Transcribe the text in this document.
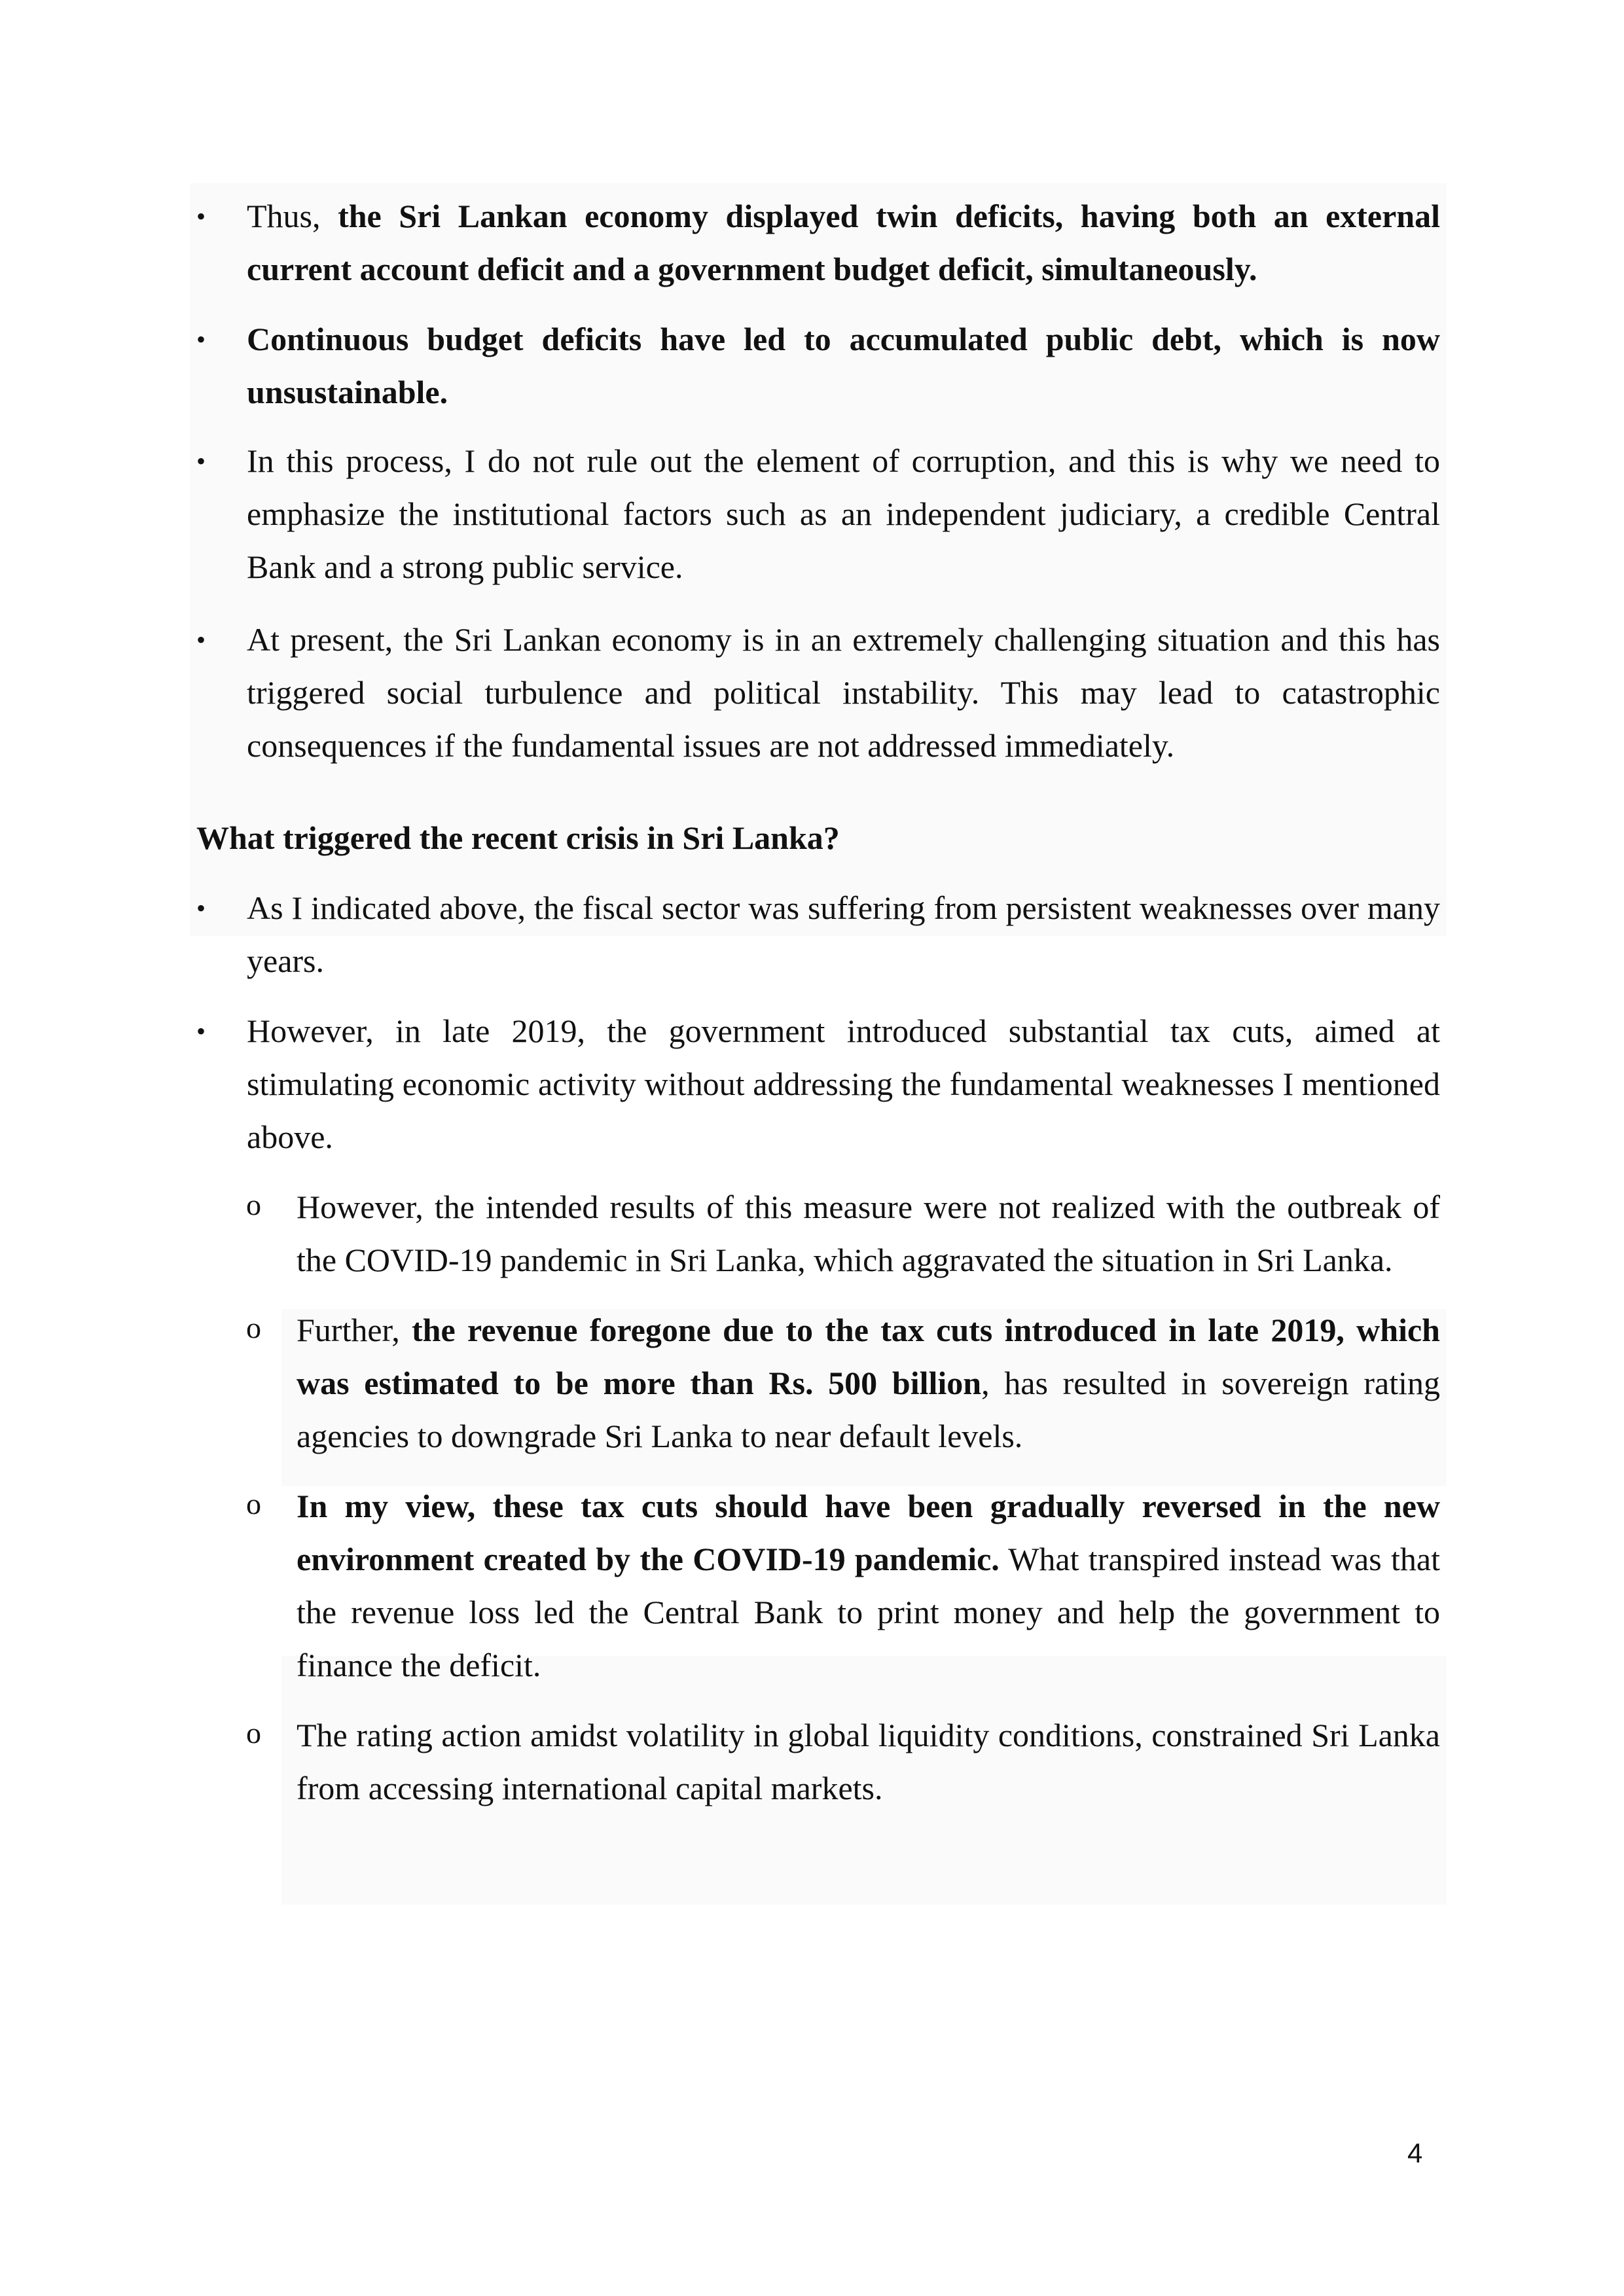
•	Thus, the Sri Lankan economy displayed twin deficits, having both an external current account deficit and a government budget deficit, simultaneously.
•	Continuous budget deficits have led to accumulated public debt, which is now unsustainable.
•	In this process, I do not rule out the element of corruption, and this is why we need to emphasize the institutional factors such as an independent judiciary, a credible Central Bank and a strong public service.
•	At present, the Sri Lankan economy is in an extremely challenging situation and this has triggered social turbulence and political instability. This may lead to catastrophic consequences if the fundamental issues are not addressed immediately.
What triggered the recent crisis in Sri Lanka?
•	As I indicated above, the fiscal sector was suffering from persistent weaknesses over many years.
•	However, in late 2019, the government introduced substantial tax cuts, aimed at stimulating economic activity without addressing the fundamental weaknesses I mentioned above.
o However, the intended results of this measure were not realized with the outbreak of the COVID-19 pandemic in Sri Lanka, which aggravated the situation in Sri Lanka.
o Further, the revenue foregone due to the tax cuts introduced in late 2019, which was estimated to be more than Rs. 500 billion, has resulted in sovereign rating agencies to downgrade Sri Lanka to near default levels.
o In my view, these tax cuts should have been gradually reversed in the new environment created by the COVID-19 pandemic. What transpired instead was that the revenue loss led the Central Bank to print money and help the government to finance the deficit.
o The rating action amidst volatility in global liquidity conditions, constrained Sri Lanka from accessing international capital markets.
4
